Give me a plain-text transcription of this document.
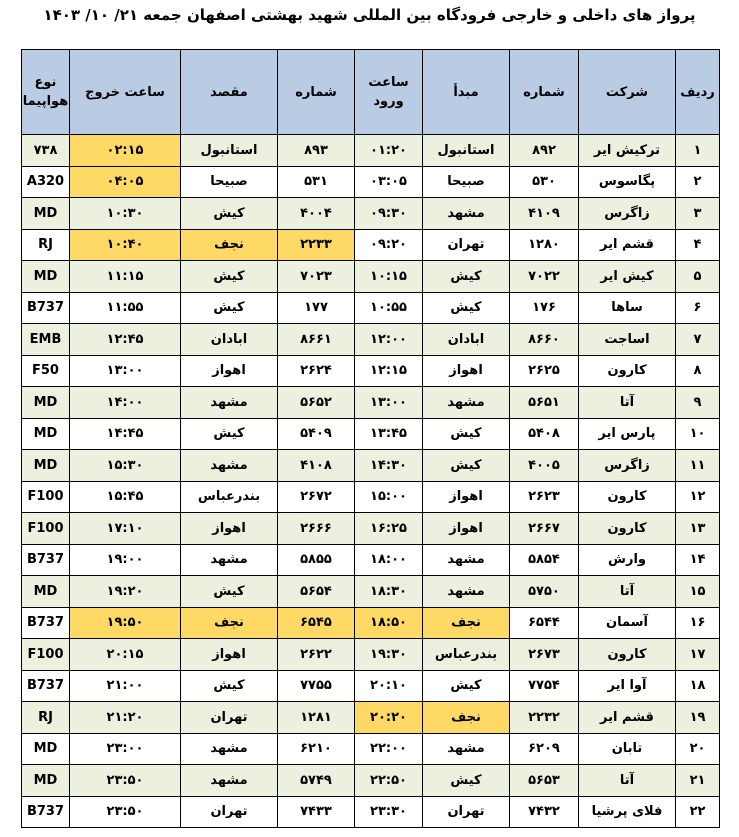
پرواز های داخلی و خارجی فرودگاه بین المللی شهید بهشتی اصفهان جمعه ۲۱/ ۱۰/ ۱۴۰۳
ردیف	شرکت	شماره	مبدأ	ساعت ورود	شماره	مقصد	ساعت خروج	نوع هواپیما
۱	ترکیش ایر	۸۹۲	استانبول	۰۱:۲۰	۸۹۳	استانبول	۰۲:۱۵	۷۳۸
۲	پگاسوس	۵۳۰	صبیحا	۰۳:۰۵	۵۳۱	صبیحا	۰۴:۰۵	A320
۳	زاگرس	۴۱۰۹	مشهد	۰۹:۳۰	۴۰۰۴	کیش	۱۰:۳۰	MD
۴	قشم ایر	۱۲۸۰	تهران	۰۹:۲۰	۲۲۳۳	نجف	۱۰:۴۰	RJ
۵	کیش ایر	۷۰۲۲	کیش	۱۰:۱۵	۷۰۲۳	کیش	۱۱:۱۵	MD
۶	ساها	۱۷۶	کیش	۱۰:۵۵	۱۷۷	کیش	۱۱:۵۵	B737
۷	اساجت	۸۶۶۰	ابادان	۱۲:۰۰	۸۶۶۱	ابادان	۱۲:۴۵	EMB
۸	کارون	۲۶۲۵	اهواز	۱۲:۱۵	۲۶۲۴	اهواز	۱۳:۰۰	F50
۹	آتا	۵۶۵۱	مشهد	۱۳:۰۰	۵۶۵۲	مشهد	۱۴:۰۰	MD
۱۰	پارس ایر	۵۴۰۸	کیش	۱۳:۴۵	۵۴۰۹	کیش	۱۴:۴۵	MD
۱۱	زاگرس	۴۰۰۵	کیش	۱۴:۳۰	۴۱۰۸	مشهد	۱۵:۳۰	MD
۱۲	کارون	۲۶۲۳	اهواز	۱۵:۰۰	۲۶۷۲	بندرعباس	۱۵:۴۵	F100
۱۳	کارون	۲۶۶۷	اهواز	۱۶:۲۵	۲۶۶۶	اهواز	۱۷:۱۰	F100
۱۴	وارش	۵۸۵۴	مشهد	۱۸:۰۰	۵۸۵۵	مشهد	۱۹:۰۰	B737
۱۵	آتا	۵۷۵۰	مشهد	۱۸:۳۰	۵۶۵۴	کیش	۱۹:۲۰	MD
۱۶	آسمان	۶۵۴۴	نجف	۱۸:۵۰	۶۵۴۵	نجف	۱۹:۵۰	B737
۱۷	کارون	۲۶۷۳	بندرعباس	۱۹:۳۰	۲۶۲۲	اهواز	۲۰:۱۵	F100
۱۸	آوا ایر	۷۷۵۴	کیش	۲۰:۱۰	۷۷۵۵	کیش	۲۱:۰۰	B737
۱۹	قشم ایر	۲۲۳۲	نجف	۲۰:۲۰	۱۲۸۱	تهران	۲۱:۲۰	RJ
۲۰	تابان	۶۲۰۹	مشهد	۲۲:۰۰	۶۲۱۰	مشهد	۲۳:۰۰	MD
۲۱	آتا	۵۶۵۳	کیش	۲۲:۵۰	۵۷۴۹	مشهد	۲۳:۵۰	MD
۲۲	فلای پرشیا	۷۴۳۲	تهران	۲۳:۳۰	۷۴۳۳	تهران	۲۳:۵۰	B737
